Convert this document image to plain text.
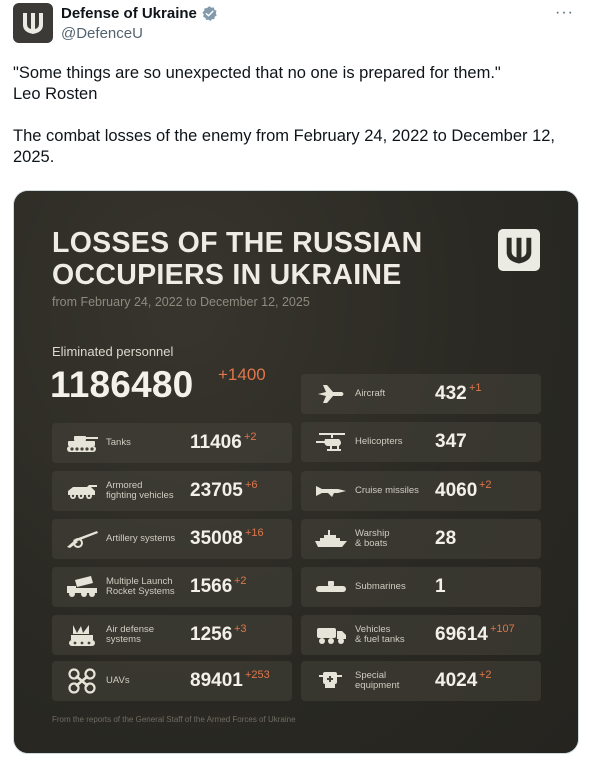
Defense of Ukraine
@DefenceU
···

"Some things are so unexpected that no one is prepared for them."

Leo Rosten

The combat losses of the enemy from February 24, 2022 to December 12, 2025.

LOSSES OF THE RUSSIAN
OCCUPIERS IN UKRAINE
from February 24, 2022 to December 12, 2025
Eliminated personnel
1186480 +1400
Tanks	11406 +2
Armored
fighting vehicles 23705 +6
Artillery systems 35008 +16
Multiple Launch
Rocket Systems 1566 +2
Air defense
systems	1256 +3
UAVs	89401 +253
Aircraft	432 +1
Helicopters 347
Cruise missiles 4060 +2
Warship
& boats	28
Submarines 1
Vehicles
& fuel tanks 69614 +107
Special
equipment 4024 +2
From the reports of the General Staff of the Armed Forces of Ukraine
